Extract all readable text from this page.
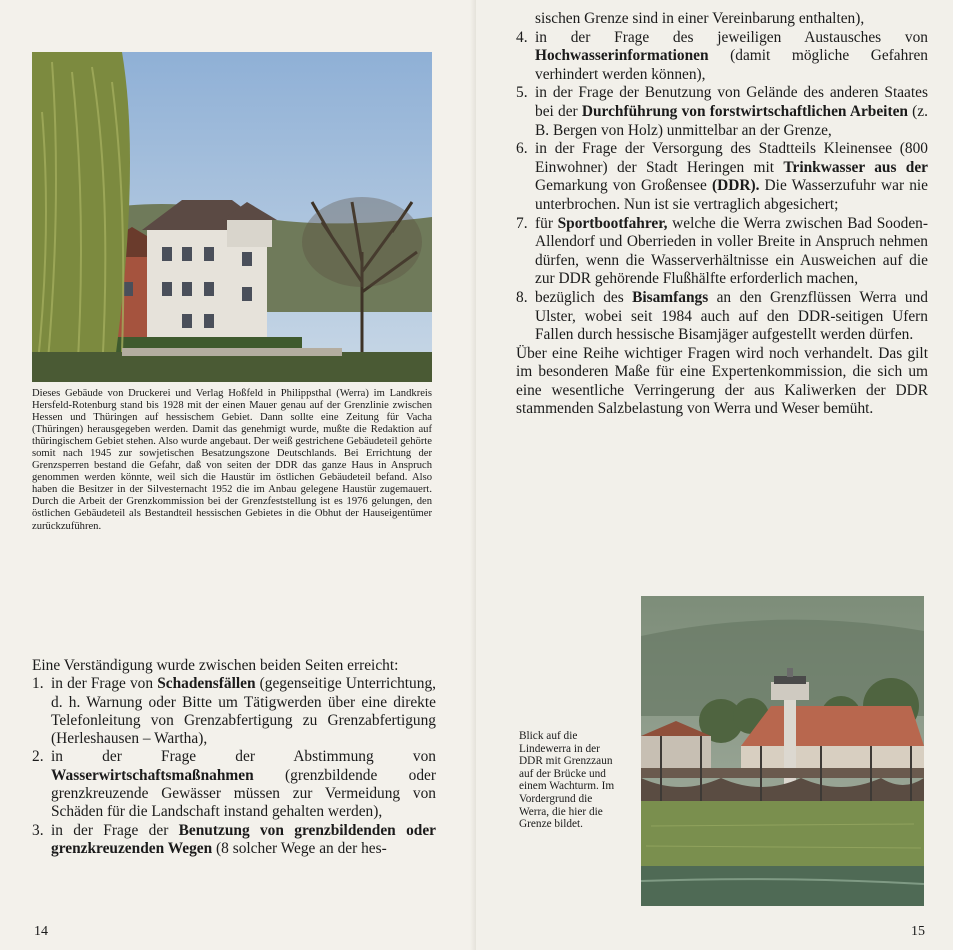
Dieses Gebäude von Druckerei und Verlag Hoßfeld in Philippsthal (Werra) im Landkreis Hersfeld-Rotenburg stand bis 1928 mit der einen Mauer genau auf der Grenzlinie zwischen Hessen und Thüringen auf hessischem Gebiet. Dann sollte eine Zeitung für Vacha (Thüringen) herausgegeben werden. Damit das genehmigt wurde, mußte die Redaktion auf thüringischem Gebiet stehen. Also wurde angebaut. Der weiß gestrichene Gebäudeteil gehörte somit nach 1945 zur sowjetischen Besatzungszone Deutschlands. Bei Errichtung der Grenzsperren bestand die Gefahr, daß von seiten der DDR das ganze Haus in Anspruch genommen werden könnte, weil sich die Haustür im östlichen Gebäudeteil befand. Also haben die Besitzer in der Silvesternacht 1952 die im Anbau gelegene Haustür zugemauert. Durch die Arbeit der Grenzkommission bei der Grenzfeststellung ist es 1976 gelungen, den östlichen Gebäudeteil als Bestandteil hessischen Gebietes in die Obhut der Hauseigentümer zurückzuführen.

Eine Verständigung wurde zwischen beiden Seiten erreicht:

1. in der Frage von Schadensfällen (gegenseitige Unterrichtung, d. h. Warnung oder Bitte um Tätigwerden über eine direkte Telefonleitung von Grenzabfertigung zu Grenzabfertigung (Herleshausen – Wartha),
2. in der Frage der Abstimmung von Wasserwirtschaftsmaßnahmen (grenzbildende oder grenzkreuzende Gewässer müssen zur Vermeidung von Schäden für die Landschaft instand gehalten werden),
3. in der Frage der Benutzung von grenzbildenden oder grenzkreuzenden Wegen (8 solcher Wege an der hes-
14
sischen Grenze sind in einer Vereinbarung enthalten),
4. in der Frage des jeweiligen Austausches von Hochwasserinformationen (damit mögliche Gefahren verhindert werden können),
5. in der Frage der Benutzung von Gelände des anderen Staates bei der Durchführung von forstwirtschaftlichen Arbeiten (z. B. Bergen von Holz) unmittelbar an der Grenze,
6. in der Frage der Versorgung des Stadtteils Kleinensee (800 Einwohner) der Stadt Heringen mit Trinkwasser aus der Gemarkung von Großensee (DDR). Die Wasserzufuhr war nie unterbrochen. Nun ist sie vertraglich abgesichert;
7. für Sportbootfahrer, welche die Werra zwischen Bad Sooden-Allendorf und Oberrieden in voller Breite in Anspruch nehmen dürfen, wenn die Wasserverhältnisse ein Ausweichen auf die zur DDR gehörende Flußhälfte erforderlich machen,
8. bezüglich des Bisamfangs an den Grenzflüssen Werra und Ulster, wobei seit 1984 auch auf den DDR-seitigen Ufern Fallen durch hessische Bisamjäger aufgestellt werden dürfen.

Über eine Reihe wichtiger Fragen wird noch verhandelt. Das gilt im besonderen Maße für eine Expertenkommission, die sich um eine wesentliche Verringerung der aus Kaliwerken der DDR stammenden Salzbelastung von Werra und Weser bemüht.

Blick auf die Lindewerra in der DDR mit Grenzzaun auf der Brücke und einem Wachturm. Im Vordergrund die Werra, die hier die Grenze bildet.

15
